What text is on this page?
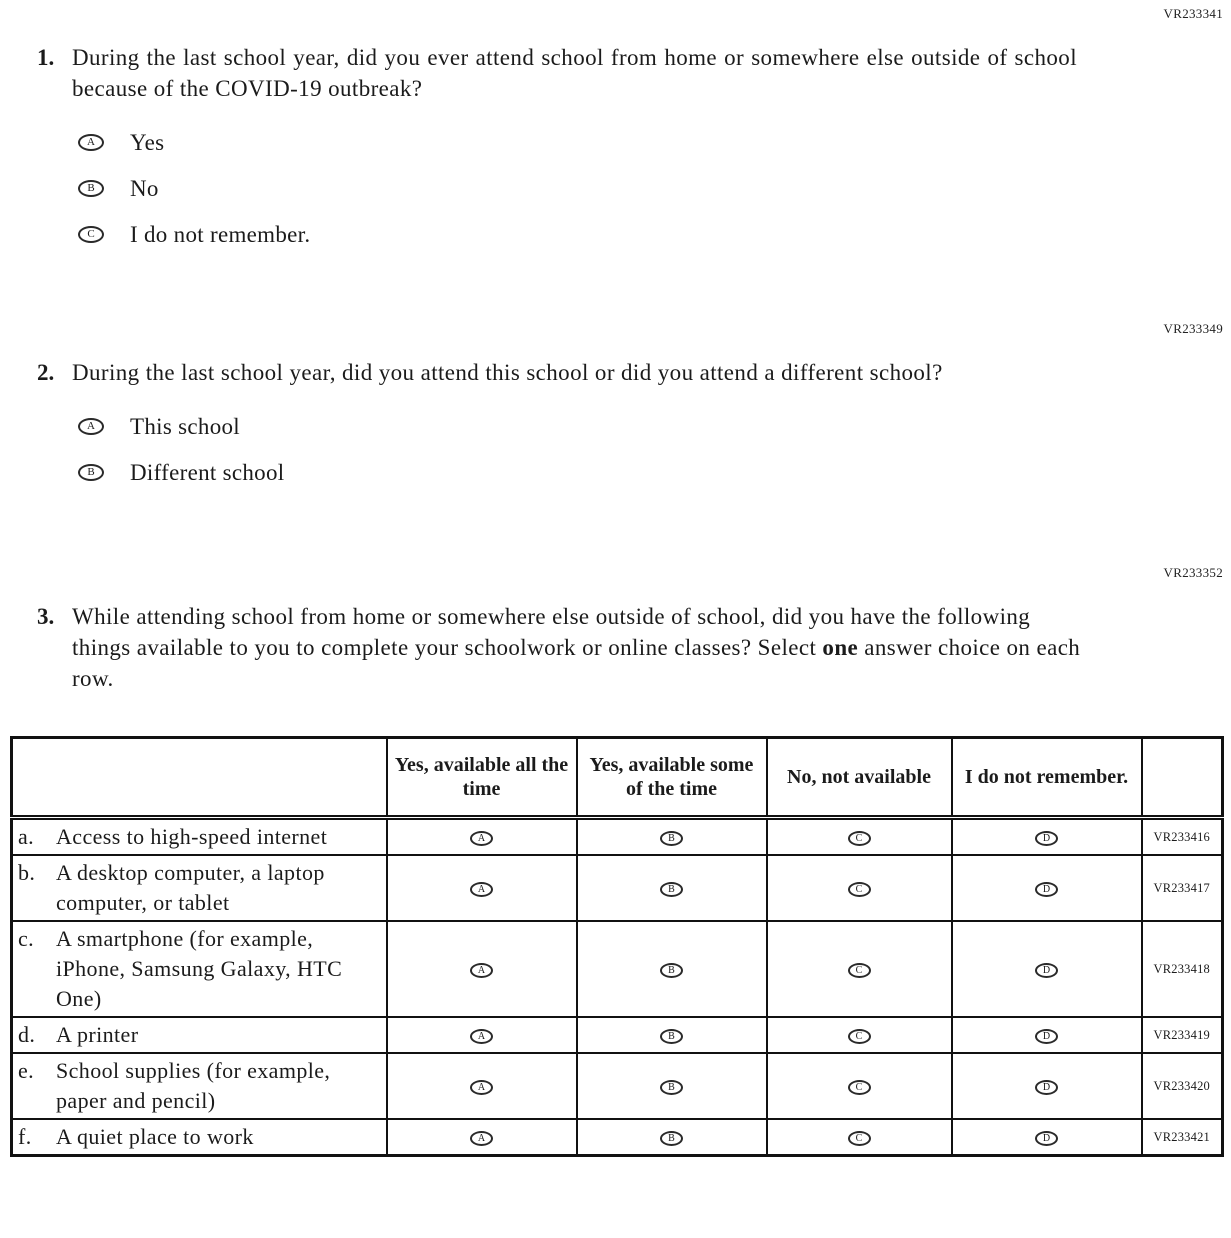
VR233341
1. During the last school year, did you ever attend school from home or somewhere else outside of school because of the COVID-19 outbreak?
A	Yes
B	No
C	I do not remember.
VR233349
2. During the last school year, did you attend this school or did you attend a different school?
A	This school
B	Different school
VR233352
3. While attending school from home or somewhere else outside of school, did you have the following things available to you to complete your schoolwork or online classes? Select one answer choice on each row.
	Yes, available all the time	Yes, available some of the time	No, not available	I do not remember.	

a. Access to high-speed internet	A	B	C	D	VR233416

b. A desktop computer, a laptop computer, or tablet	A	B	C	D	VR233417

c. A smartphone (for example, iPhone, Samsung Galaxy, HTC One)	A	B	C	D	VR233418

d. A printer	A	B	C	D	VR233419

e. School supplies (for example, paper and pencil)	A	B	C	D	VR233420

f. A quiet place to work	A	B	C	D	VR233421
